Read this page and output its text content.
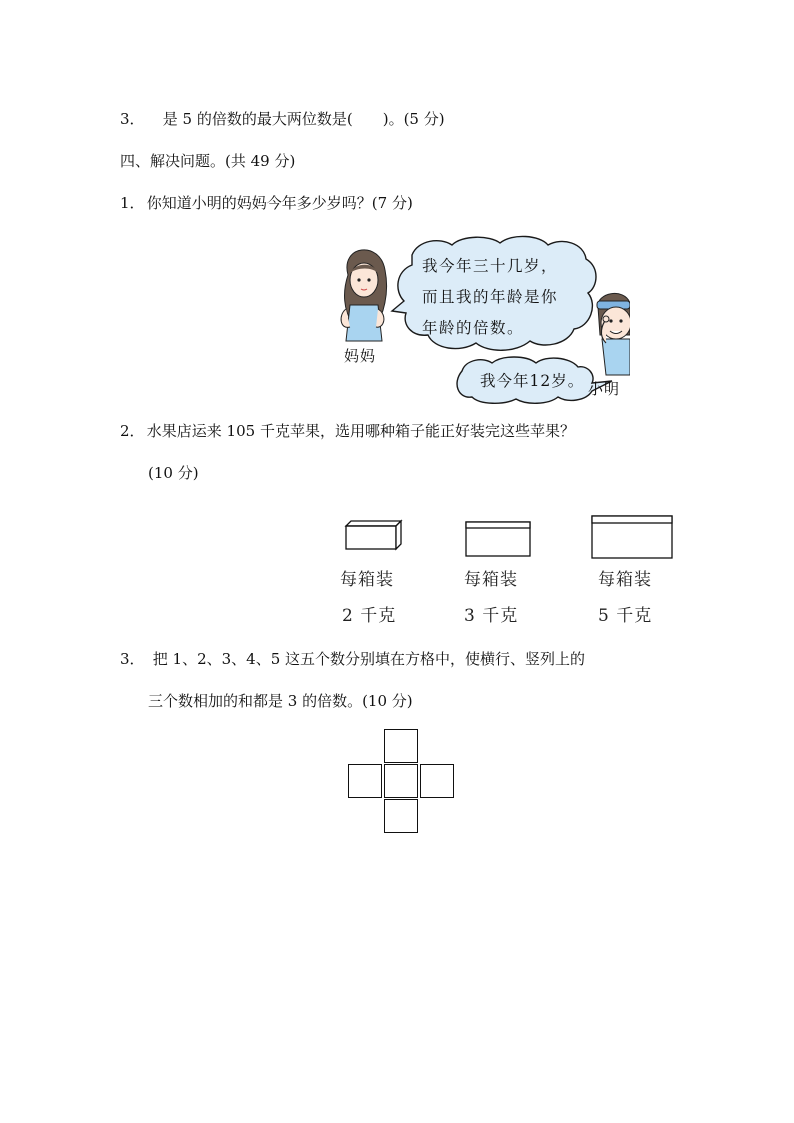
3． 是 5 的倍数的最大两位数是(　　)。(5 分)
四、解决问题。(共 49 分)
1． 你知道小明的妈妈今年多少岁吗？(7 分)
我今年三十几岁，
而且我的年龄是你
年龄的倍数。
妈妈
我今年12岁。 小明
2． 水果店运来 105 千克苹果，选用哪种箱子能正好装完这些苹果？
(10 分)
每箱装
2 千克
每箱装
3 千克
每箱装
5 千克
3． 把 1、2、3、4、5 这五个数分别填在方格中，使横行、竖列上的
三个数相加的和都是 3 的倍数。(10 分)
